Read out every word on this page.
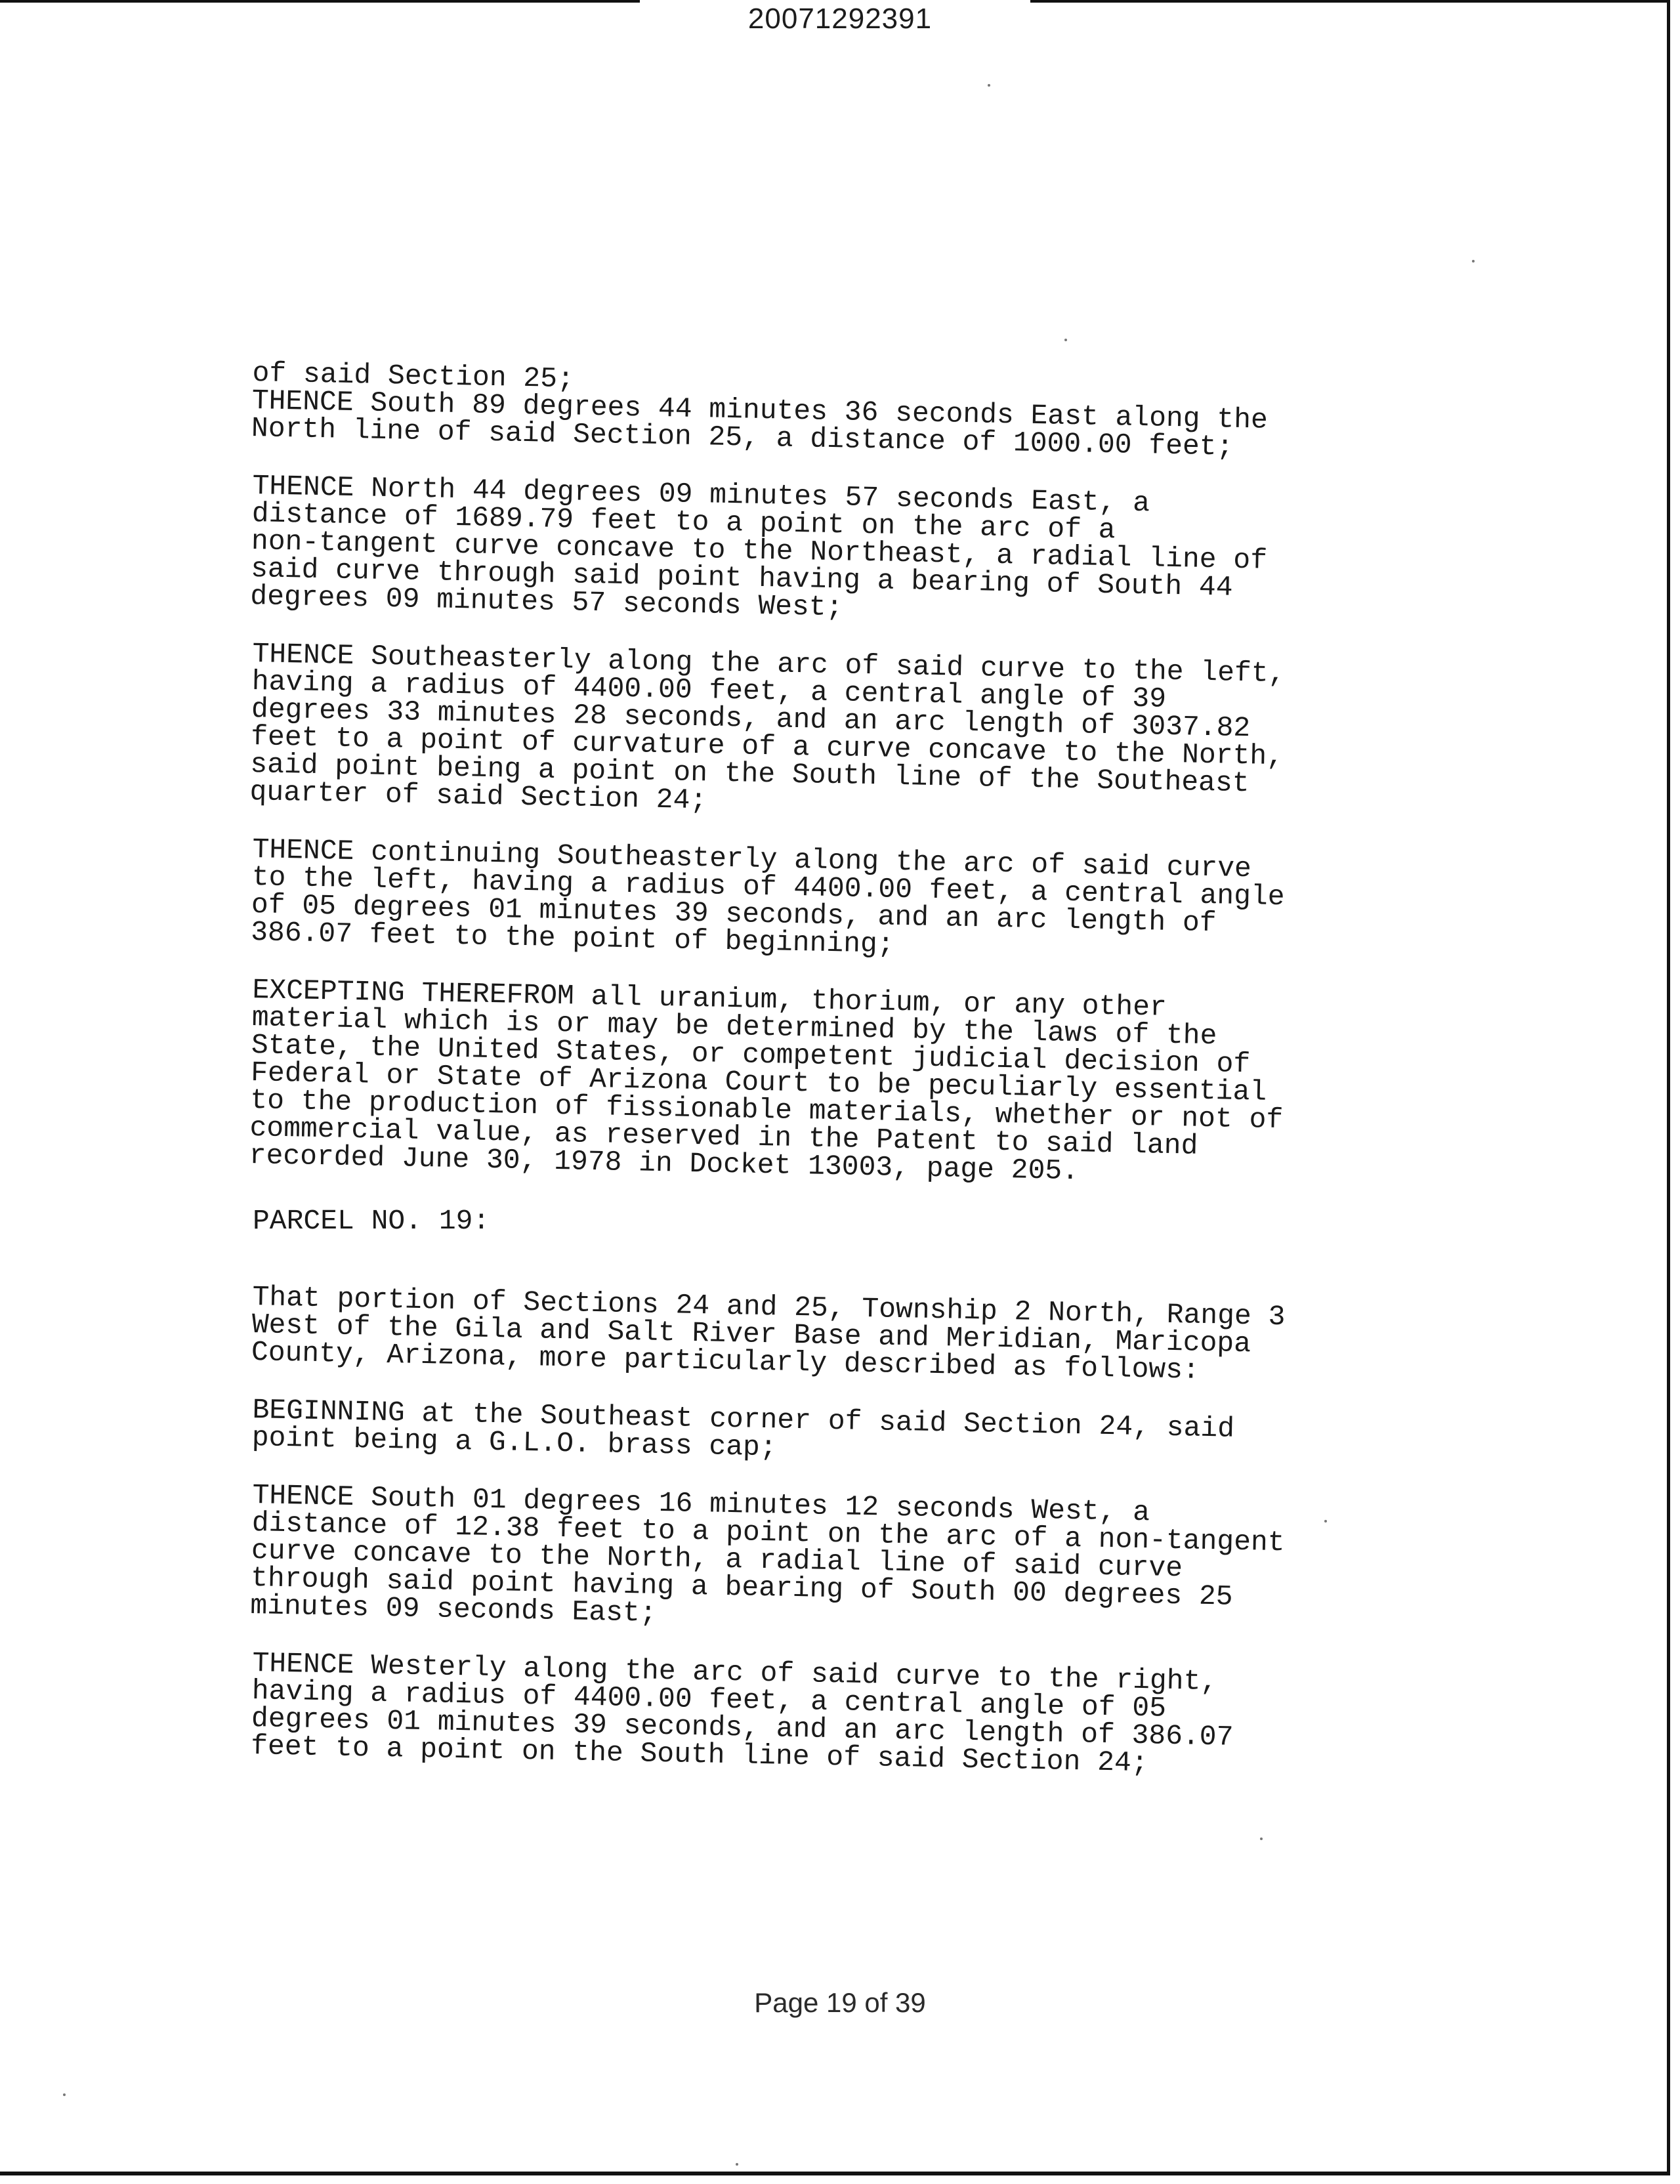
20071292391

of said Section 25;
THENCE South 89 degrees 44 minutes 36 seconds East along the
North line of said Section 25, a distance of 1000.00 feet;

THENCE North 44 degrees 09 minutes 57 seconds East, a
distance of 1689.79 feet to a point on the arc of a
non-tangent curve concave to the Northeast, a radial line of
said curve through said point having a bearing of South 44
degrees 09 minutes 57 seconds West;

THENCE Southeasterly along the arc of said curve to the left,
having a radius of 4400.00 feet, a central angle of 39
degrees 33 minutes 28 seconds, and an arc length of 3037.82
feet to a point of curvature of a curve concave to the North,
said point being a point on the South line of the Southeast
quarter of said Section 24;

THENCE continuing Southeasterly along the arc of said curve
to the left, having a radius of 4400.00 feet, a central angle
of 05 degrees 01 minutes 39 seconds, and an arc length of
386.07 feet to the point of beginning;

EXCEPTING THEREFROM all uranium, thorium, or any other
material which is or may be determined by the laws of the
State, the United States, or competent judicial decision of
Federal or State of Arizona Court to be peculiarly essential
to the production of fissionable materials, whether or not of
commercial value, as reserved in the Patent to said land
recorded June 30, 1978 in Docket 13003, page 205.

PARCEL NO. 19:

That portion of Sections 24 and 25, Township 2 North, Range 3
West of the Gila and Salt River Base and Meridian, Maricopa
County, Arizona, more particularly described as follows:

BEGINNING at the Southeast corner of said Section 24, said
point being a G.L.O. brass cap;

THENCE South 01 degrees 16 minutes 12 seconds West, a
distance of 12.38 feet to a point on the arc of a non-tangent
curve concave to the North, a radial line of said curve
through said point having a bearing of South 00 degrees 25
minutes 09 seconds East;

THENCE Westerly along the arc of said curve to the right,
having a radius of 4400.00 feet, a central angle of 05
degrees 01 minutes 39 seconds, and an arc length of 386.07
feet to a point on the South line of said Section 24;

Page 19 of 39
